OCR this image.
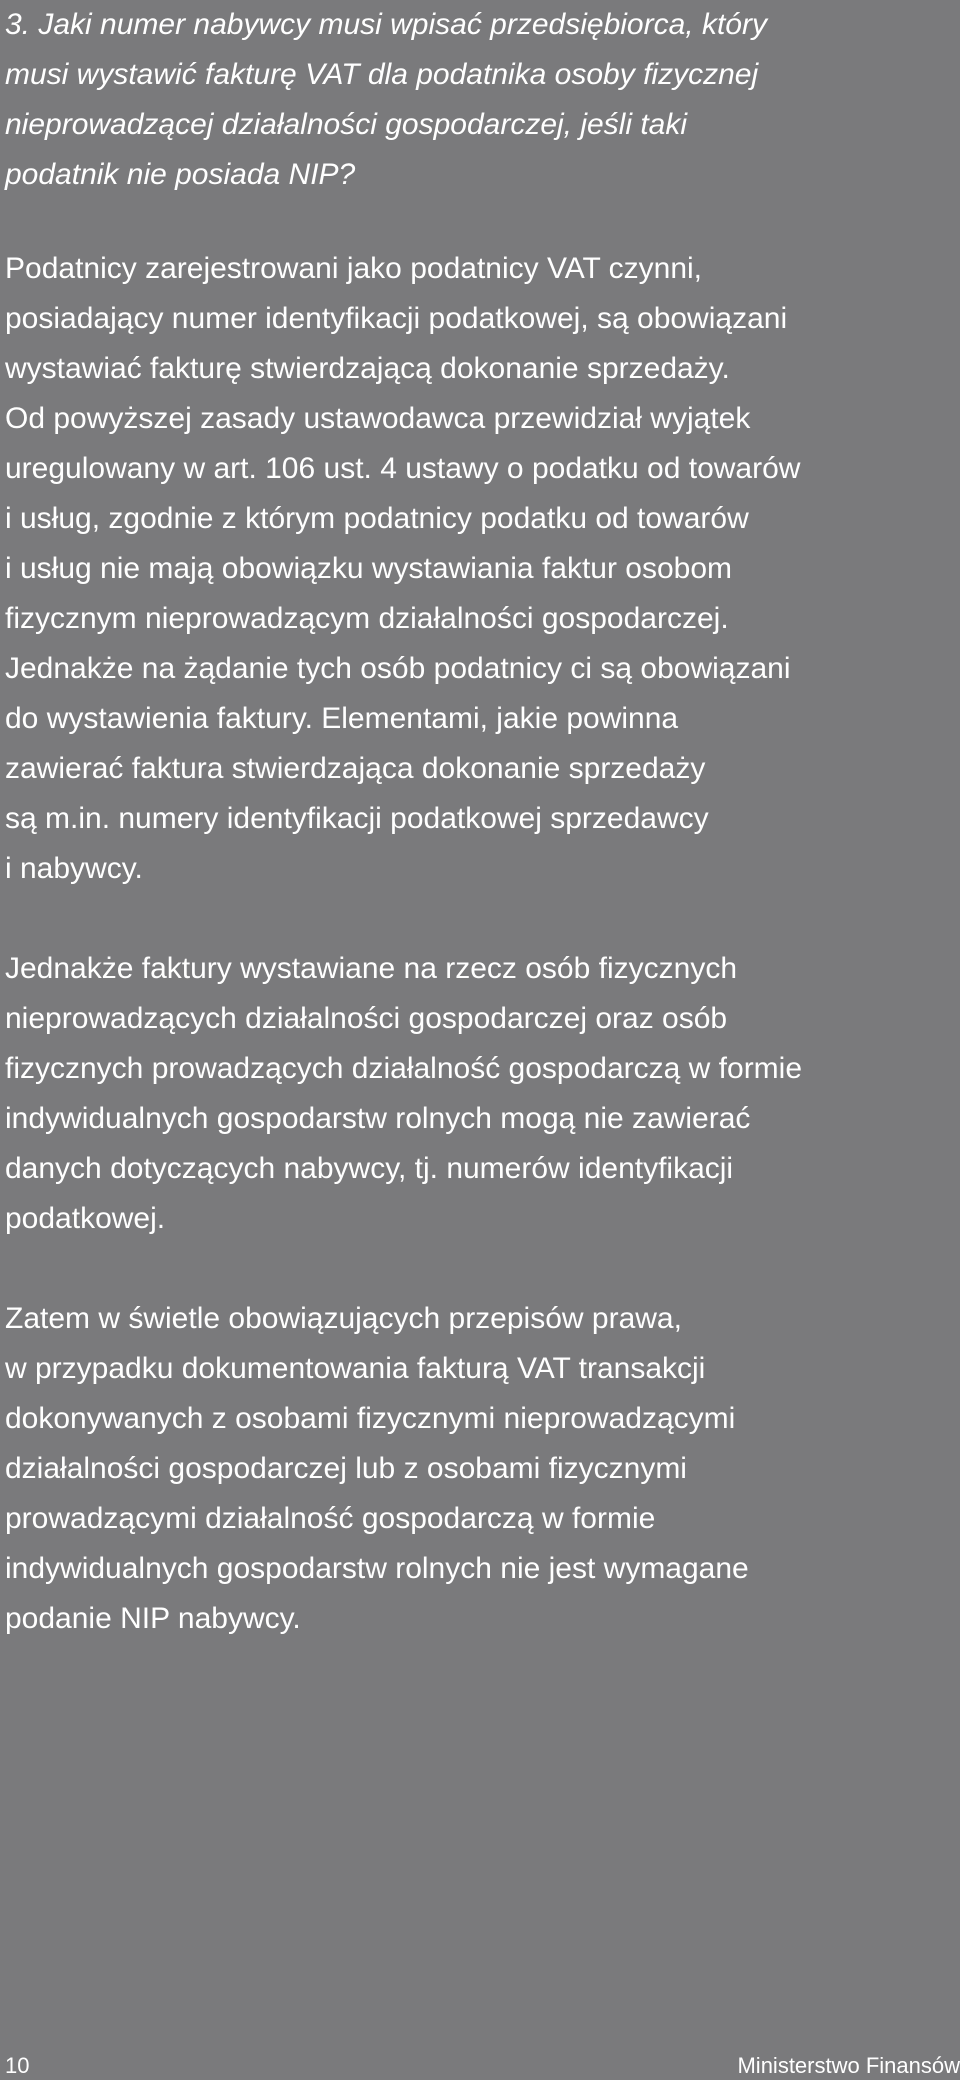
3. Jaki numer nabywcy musi wpisać przedsiębiorca, który
musi wystawić fakturę VAT dla podatnika osoby fizycznej
nieprowadzącej działalności gospodarczej, jeśli taki
podatnik nie posiada NIP?

Podatnicy zarejestrowani jako podatnicy VAT czynni,
posiadający numer identyfikacji podatkowej, są obowiązani
wystawiać fakturę stwierdzającą dokonanie sprzedaży.
Od powyższej zasady ustawodawca przewidział wyjątek
uregulowany w art. 106 ust. 4 ustawy o podatku od towarów
i usług, zgodnie z którym podatnicy podatku od towarów
i usług nie mają obowiązku wystawiania faktur osobom
fizycznym nieprowadzącym działalności gospodarczej.
Jednakże na żądanie tych osób podatnicy ci są obowiązani
do wystawienia faktury. Elementami, jakie powinna
zawierać faktura stwierdzająca dokonanie sprzedaży
są m.in. numery identyfikacji podatkowej sprzedawcy
i nabywcy.

Jednakże faktury wystawiane na rzecz osób fizycznych
nieprowadzących działalności gospodarczej oraz osób
fizycznych prowadzących działalność gospodarczą w formie
indywidualnych gospodarstw rolnych mogą nie zawierać
danych dotyczących nabywcy, tj. numerów identyfikacji
podatkowej.

Zatem w świetle obowiązujących przepisów prawa,
w przypadku dokumentowania fakturą VAT transakcji
dokonywanych z osobami fizycznymi nieprowadzącymi
działalności gospodarczej lub z osobami fizycznymi
prowadzącymi działalność gospodarczą w formie
indywidualnych gospodarstw rolnych nie jest wymagane
podanie NIP nabywcy.

10	Ministerstwo Finansów
